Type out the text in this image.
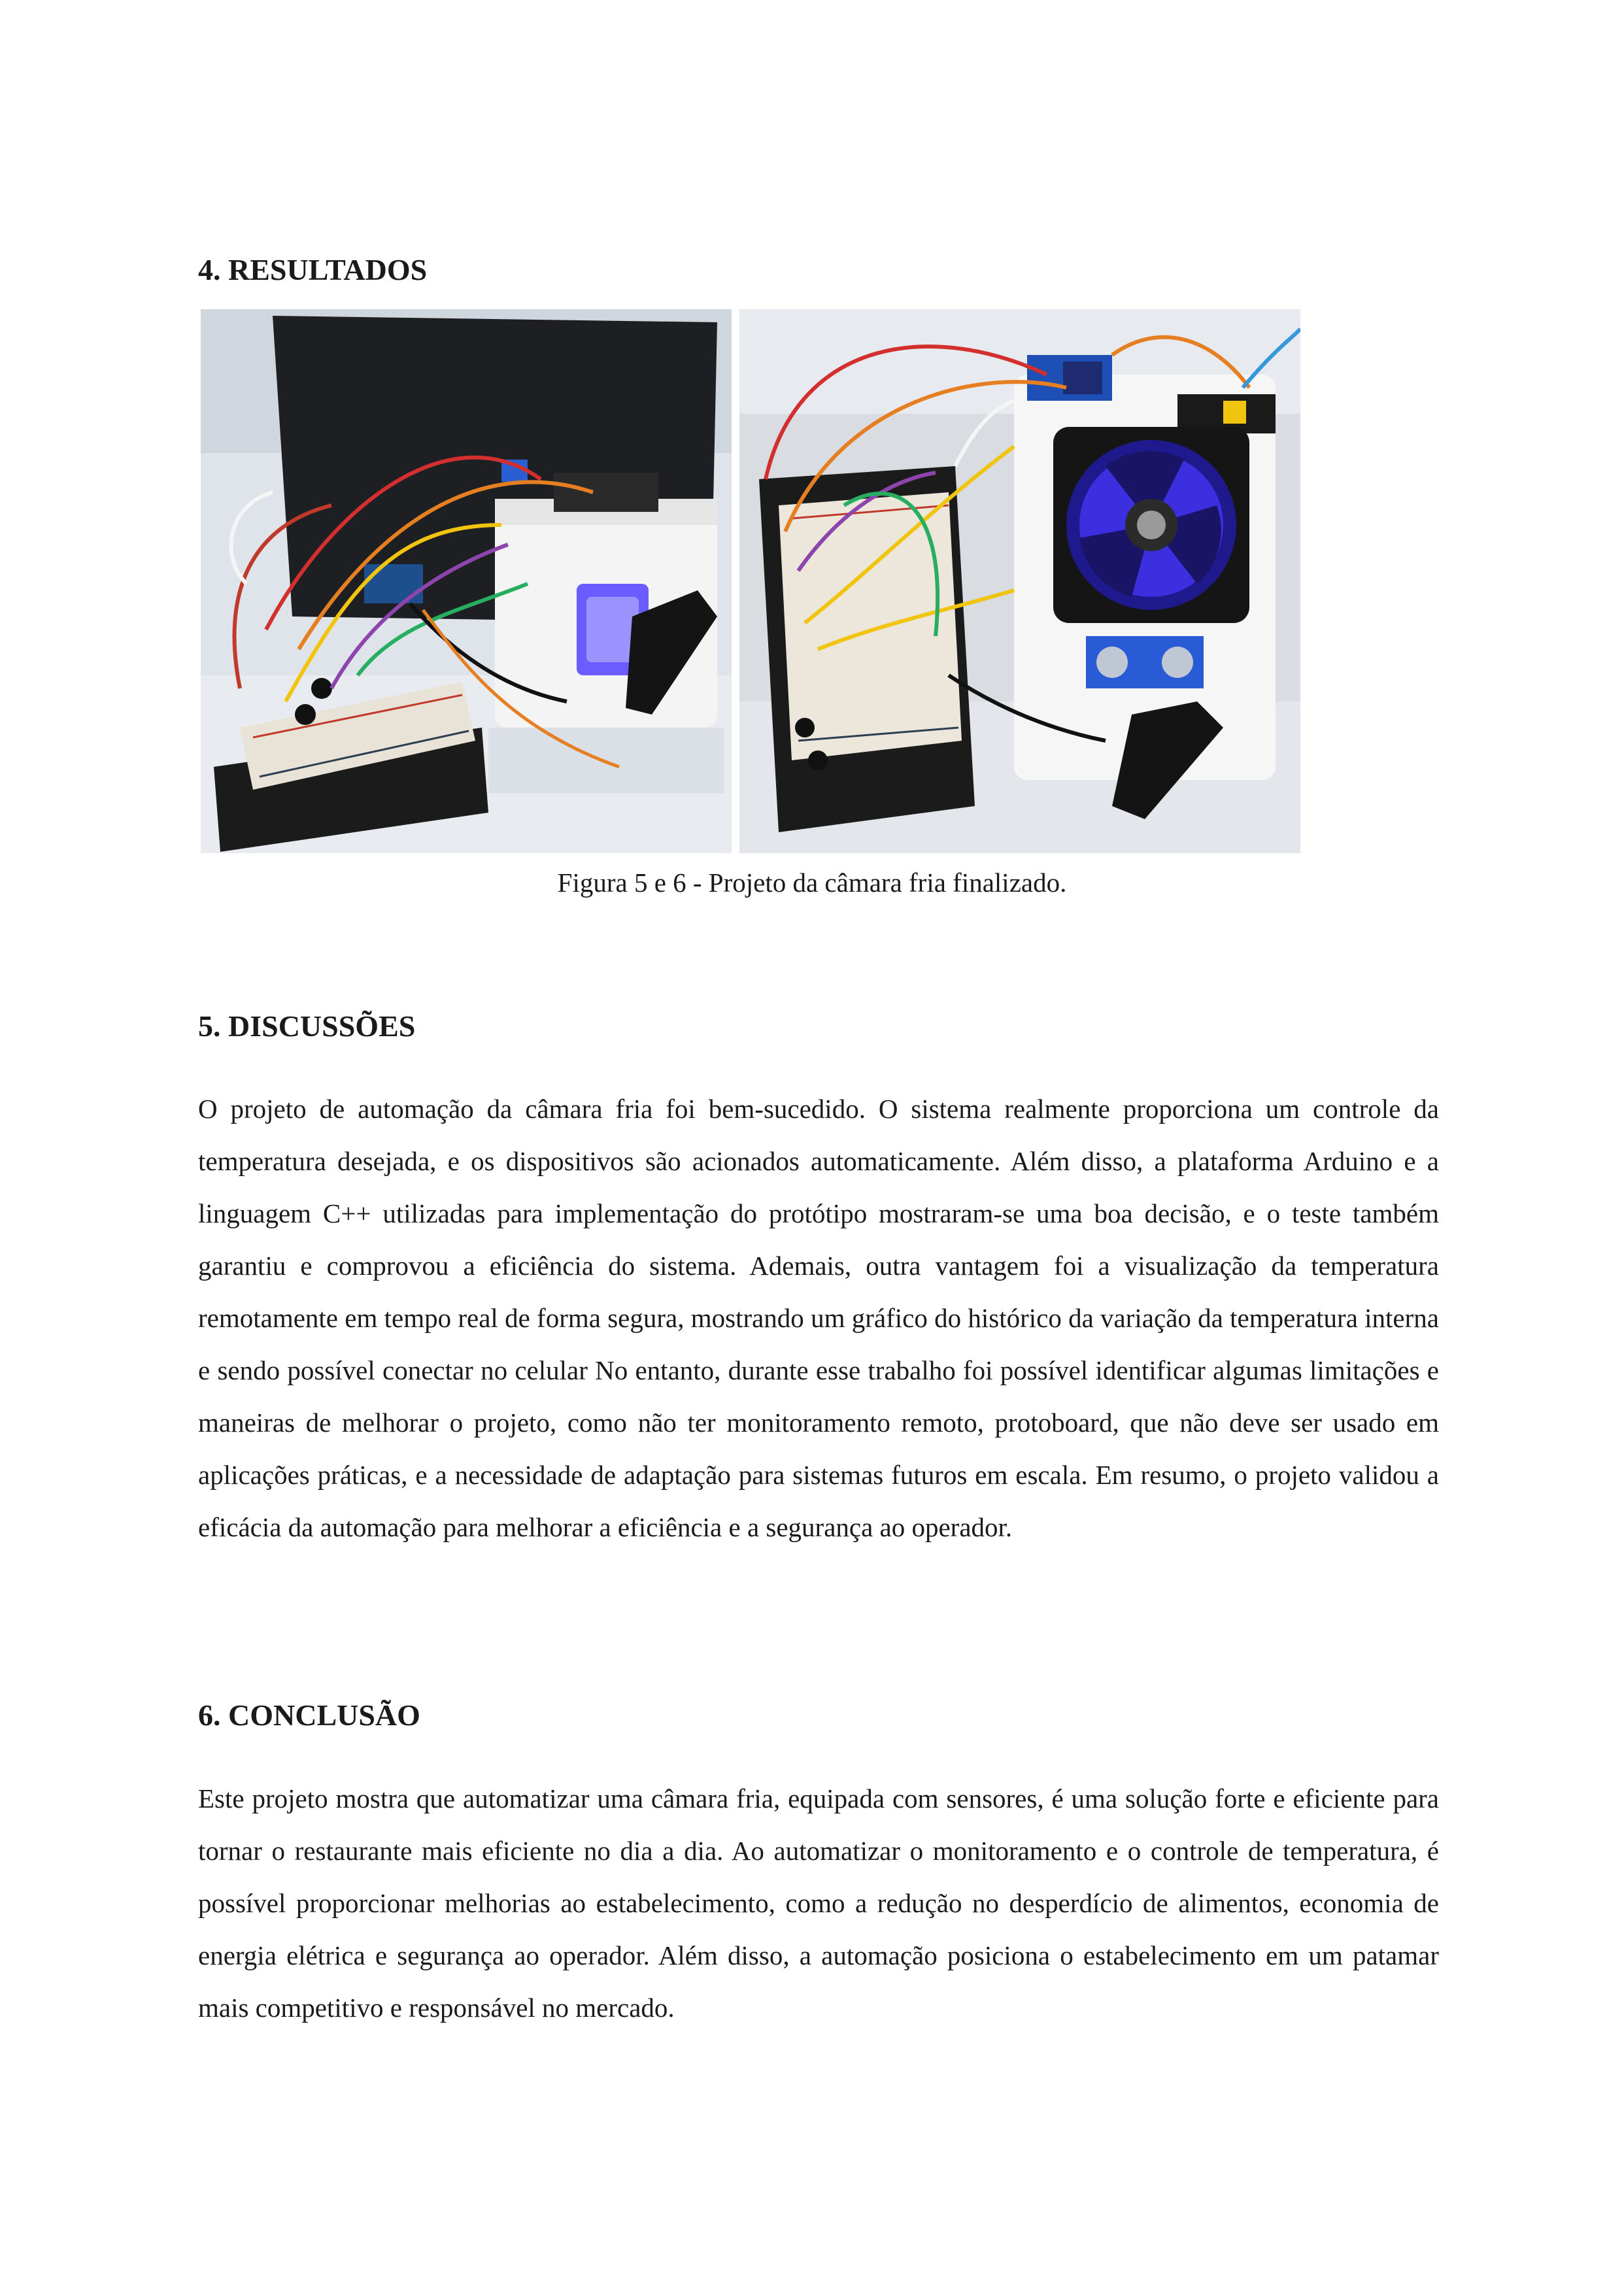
4. RESULTADOS

Figura 5 e 6 - Projeto da câmara fria finalizado.

5. DISCUSSÕES

O projeto de automação da câmara fria foi bem-sucedido. O sistema realmente proporciona um controle da temperatura desejada, e os dispositivos são acionados automaticamente. Além disso, a plataforma Arduino e a linguagem C++ utilizadas para implementação do protótipo mostraram-se uma boa decisão, e o teste também garantiu e comprovou a eficiência do sistema. Ademais, outra vantagem foi a visualização da temperatura remotamente em tempo real de forma segura, mostrando um gráfico do histórico da variação da temperatura interna e sendo possível conectar no celular No entanto, durante esse trabalho foi possível identificar algumas limitações e maneiras de melhorar o projeto, como não ter monitoramento remoto, protoboard, que não deve ser usado em aplicações práticas, e a necessidade de adaptação para sistemas futuros em escala. Em resumo, o projeto validou a eficácia da automação para melhorar a eficiência e a segurança ao operador.

6. CONCLUSÃO

Este projeto mostra que automatizar uma câmara fria, equipada com sensores, é uma solução forte e eficiente para tornar o restaurante mais eficiente no dia a dia. Ao automatizar o monitoramento e o controle de temperatura, é possível proporcionar melhorias ao estabelecimento, como a redução no desperdício de alimentos, economia de energia elétrica e segurança ao operador. Além disso, a automação posiciona o estabelecimento em um patamar mais competitivo e responsável no mercado.
